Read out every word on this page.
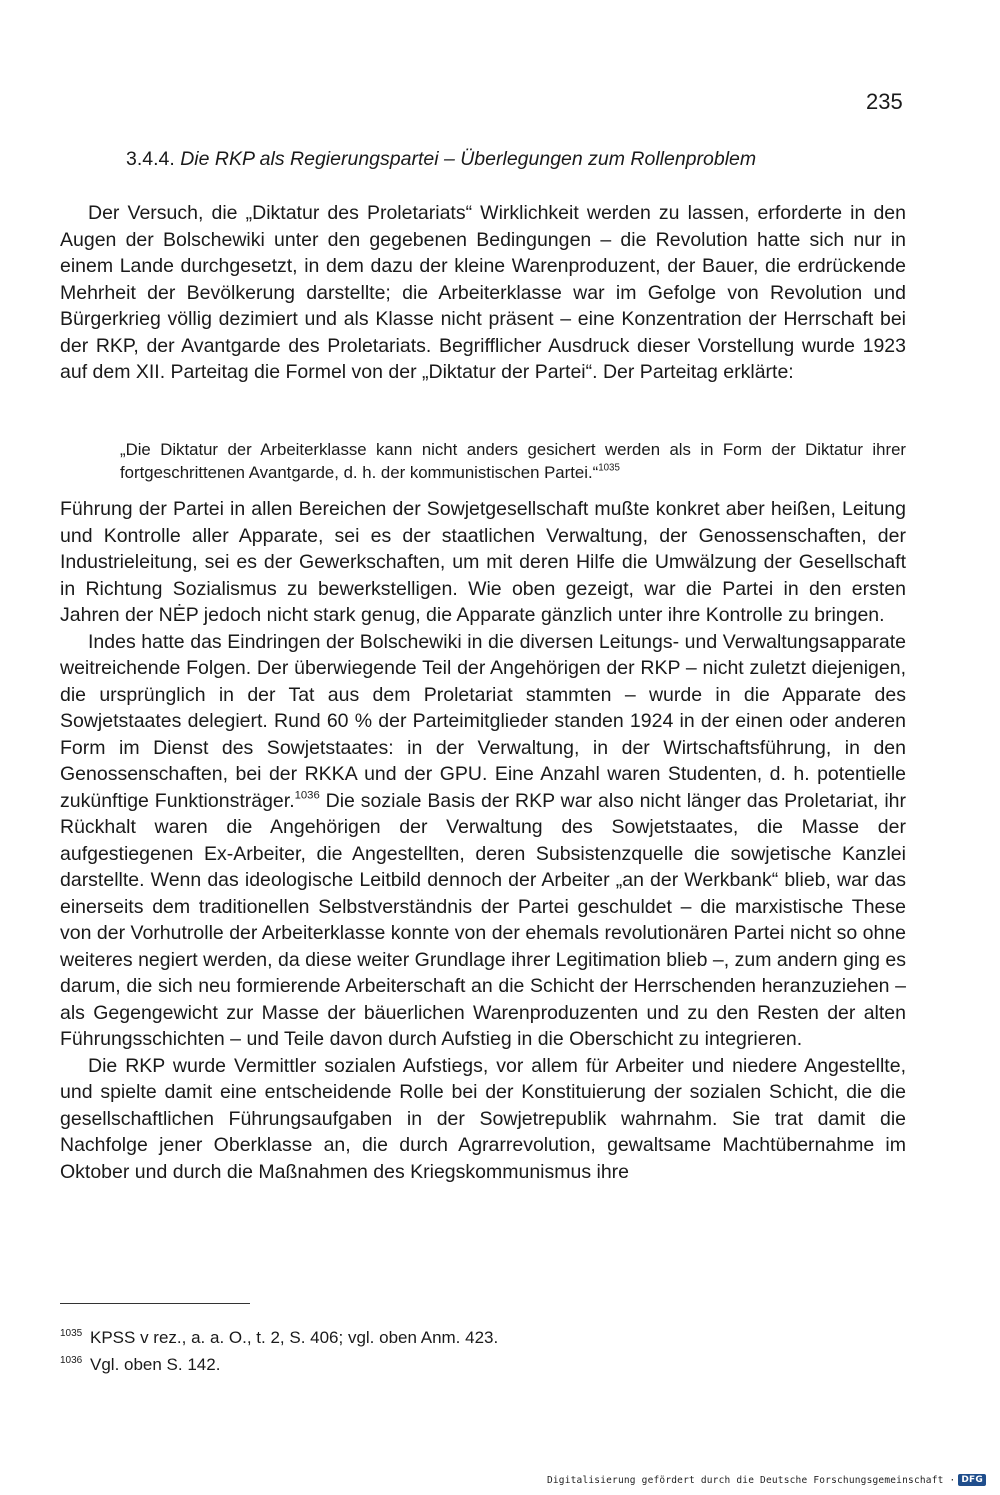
235
3.4.4. Die RKP als Regierungspartei – Überlegungen zum Rollenproblem

Der Versuch, die „Diktatur des Proletariats“ Wirklichkeit werden zu lassen, erforderte in den Augen der Bolschewiki unter den gegebenen Bedingungen – die Revolution hatte sich nur in einem Lande durchgesetzt, in dem dazu der kleine Warenproduzent, der Bauer, die erdrückende Mehrheit der Bevölkerung darstellte; die Arbeiterklasse war im Gefolge von Revolution und Bürgerkrieg völlig dezimiert und als Klasse nicht präsent – eine Konzentration der Herrschaft bei der RKP, der Avantgarde des Proletariats. Begrifflicher Ausdruck dieser Vorstellung wurde 1923 auf dem XII. Parteitag die Formel von der „Diktatur der Partei“. Der Parteitag erklärte:

„Die Diktatur der Arbeiterklasse kann nicht anders gesichert werden als in Form der Diktatur ihrer fortgeschrittenen Avantgarde, d. h. der kommunistischen Partei.“$^{1035}$

Führung der Partei in allen Bereichen der Sowjetgesellschaft mußte konkret aber heißen, Leitung und Kontrolle aller Apparate, sei es der staatlichen Verwaltung, der Genossenschaften, der Industrieleitung, sei es der Gewerkschaften, um mit deren Hilfe die Umwälzung der Gesellschaft in Richtung Sozialismus zu bewerkstelligen. Wie oben gezeigt, war die Partei in den ersten Jahren der NĖP jedoch nicht stark genug, die Apparate gänzlich unter ihre Kontrolle zu bringen.

Indes hatte das Eindringen der Bolschewiki in die diversen Leitungs- und Verwaltungsapparate weitreichende Folgen. Der überwiegende Teil der Angehörigen der RKP – nicht zuletzt diejenigen, die ursprünglich in der Tat aus dem Proletariat stammten – wurde in die Apparate des Sowjetstaates delegiert. Rund 60 % der Parteimitglieder standen 1924 in der einen oder anderen Form im Dienst des Sowjetstaates: in der Verwaltung, in der Wirtschaftsführung, in den Genossenschaften, bei der RKKA und der GPU. Eine Anzahl waren Studenten, d. h. potentielle zukünftige Funktionsträger.$^{1036}$ Die soziale Basis der RKP war also nicht länger das Proletariat, ihr Rückhalt waren die Angehörigen der Verwaltung des Sowjetstaates, die Masse der aufgestiegenen Ex-Arbeiter, die Angestellten, deren Subsistenzquelle die sowjetische Kanzlei darstellte. Wenn das ideologische Leitbild dennoch der Arbeiter „an der Werkbank“ blieb, war das einerseits dem traditionellen Selbstverständnis der Partei geschuldet – die marxistische These von der Vorhutrolle der Arbeiterklasse konnte von der ehemals revolutionären Partei nicht so ohne weiteres negiert werden, da diese weiter Grundlage ihrer Legitimation blieb –, zum andern ging es darum, die sich neu formierende Arbeiterschaft an die Schicht der Herrschenden heranzuziehen – als Gegengewicht zur Masse der bäuerlichen Warenproduzenten und zu den Resten der alten Führungsschichten – und Teile davon durch Aufstieg in die Oberschicht zu integrieren.

Die RKP wurde Vermittler sozialen Aufstiegs, vor allem für Arbeiter und niedere Angestellte, und spielte damit eine entscheidende Rolle bei der Konstituierung der sozialen Schicht, die die gesellschaftlichen Führungsaufgaben in der Sowjetrepublik wahrnahm. Sie trat damit die Nachfolge jener Oberklasse an, die durch Agrarrevolution, gewaltsame Machtübernahme im Oktober und durch die Maßnahmen des Kriegskommunismus ihre

1035 KPSS v rez., a. a. O., t. 2, S. 406; vgl. oben Anm. 423.
1036 Vgl. oben S. 142.
Digitalisierung gefördert durch die Deutsche Forschungsgemeinschaft · DFG
